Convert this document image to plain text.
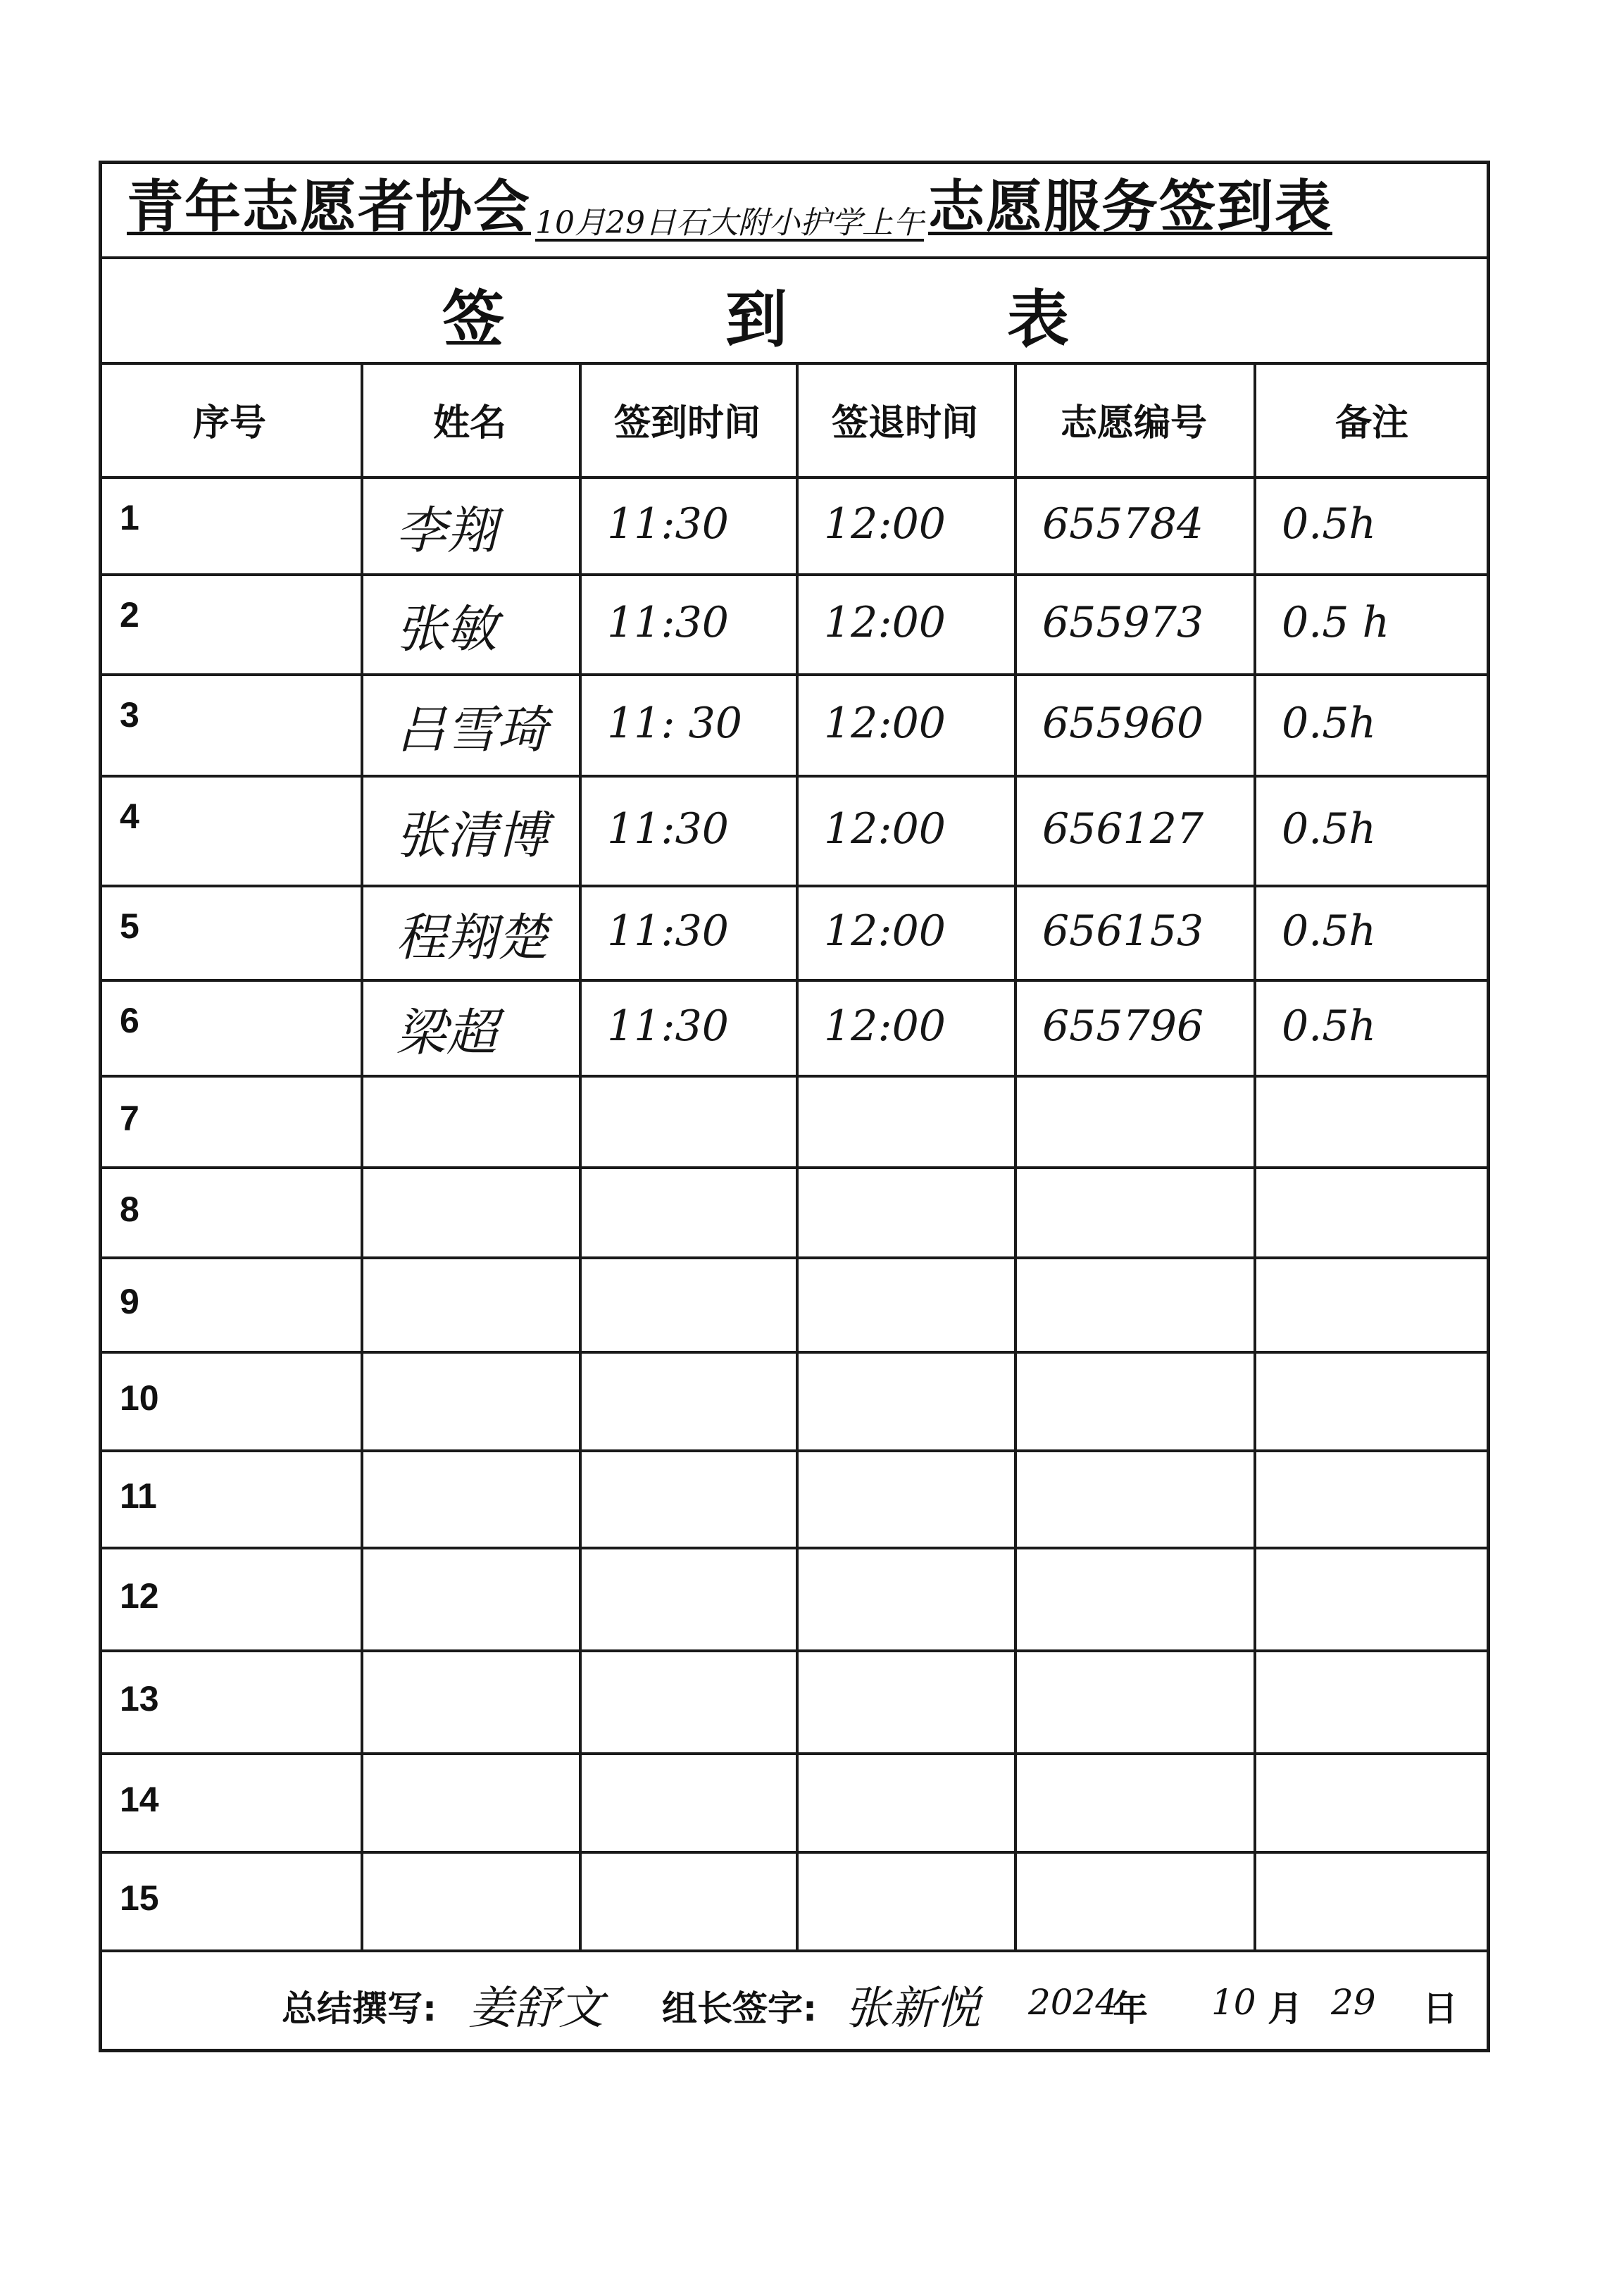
青年志愿者协会 10月29日石大附小护学上午 志愿服务签到表
签	到	表
序号	姓名	签到时间	签退时间	志愿编号	备注
1	李翔	11:30 12:00 655784 0.5h
2	张敏	11:30 12:00 655973 0.5 h
3	吕雪琦 11: 30 12:00 655960 0.5h
4	张清博 11:30 12:00 656127 0.5h
5	程翔楚 11:30 12:00 656153 0.5h
6	梁超	11:30 12:00 655796 0.5h
7
8
9
10
11
12
13
14
15
总结撰写: 姜舒文 组长签字: 张新悦 2024
年 10 月 29 日
